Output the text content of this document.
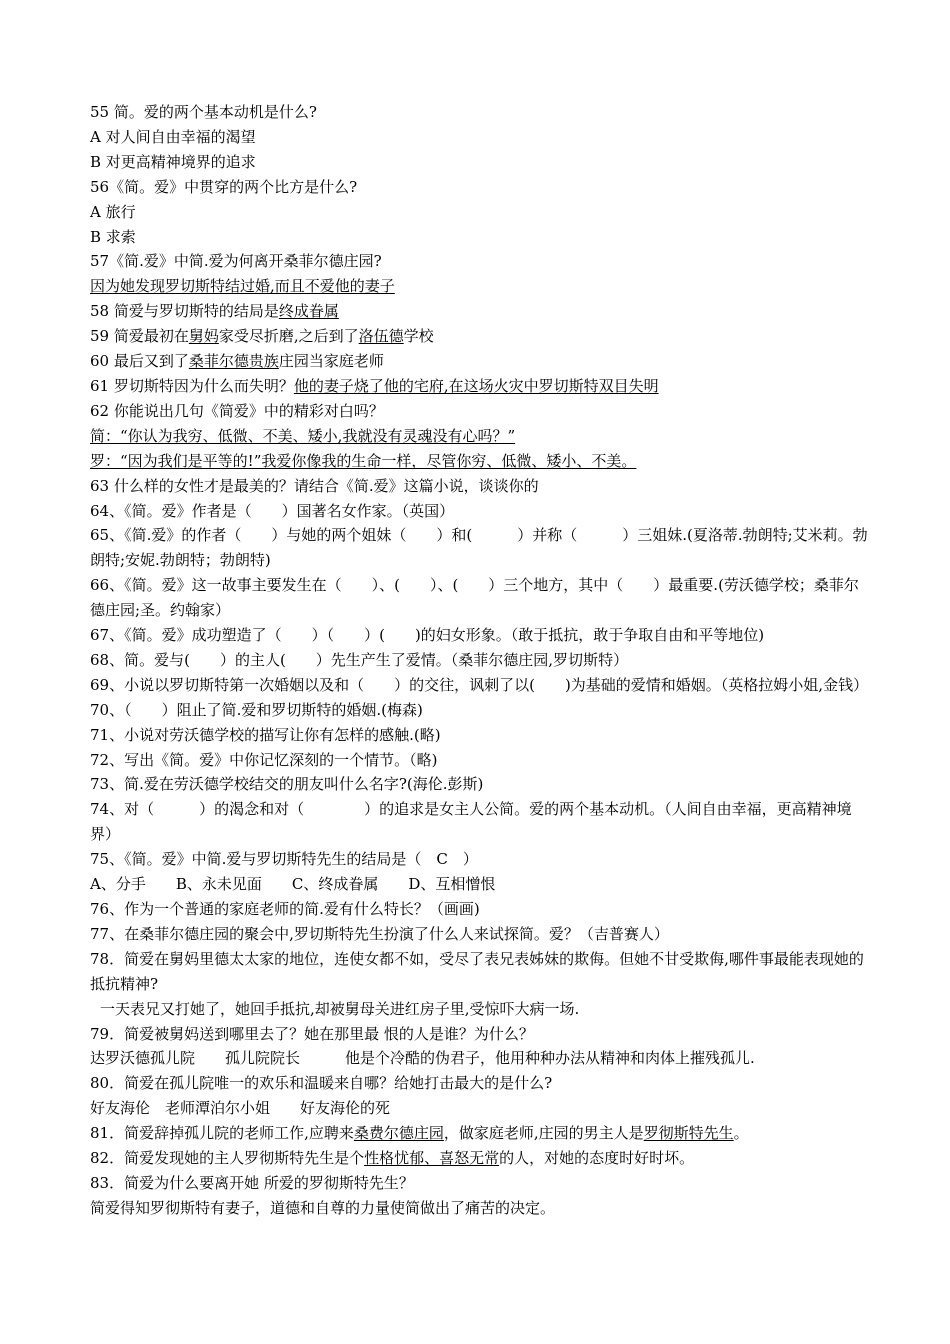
55 简。爱的两个基本动机是什么?

A 对人间自由幸福的渴望

B 对更高精神境界的追求

56《简。爱》中贯穿的两个比方是什么?

A 旅行

B 求索

57《简.爱》中简.爱为何离开桑菲尔德庄园?

因为她发现罗切斯特结过婚,而且不爱他的妻子

58 简爱与罗切斯特的结局是终成眷属

59 简爱最初在舅妈家受尽折磨,之后到了洛伍德学校

60 最后又到了桑菲尔德贵族庄园当家庭老师

61 罗切斯特因为什么而失明？他的妻子烧了他的宅府,在这场火灾中罗切斯特双目失明

62 你能说出几句《简爱》中的精彩对白吗？

简：“你认为我穷、低微、不美、矮小,我就没有灵魂没有心吗？”

罗：“因为我们是平等的!”我爱你像我的生命一样，尽管你穷、低微、矮小、不美。

63 什么样的女性才是最美的？请结合《简.爱》这篇小说，谈谈你的

64、《简。爱》作者是（　　）国著名女作家。（英国）

65、《简.爱》的作者（　　）与她的两个姐妹（　　）和(　　　）并称（　　　）三姐妹.(夏洛蒂.勃朗特;艾米莉。勃朗特;安妮.勃朗特；勃朗特)

66、《简。爱》这一故事主要发生在（　　）、(　　）、(　　）三个地方，其中（　　）最重要.(劳沃德学校；桑菲尔德庄园;圣。约翰家）

67、《简。爱》成功塑造了（　　）（　　）(　　)的妇女形象。（敢于抵抗，敢于争取自由和平等地位)

68、简。爱与(　　）的主人(　　）先生产生了爱情。（桑菲尔德庄园,罗切斯特）

69、小说以罗切斯特第一次婚姻以及和（　　）的交往，讽刺了以(　　)为基础的爱情和婚姻。（英格拉姆小姐,金钱）

70、（　　）阻止了简.爱和罗切斯特的婚姻.(梅森)

71、小说对劳沃德学校的描写让你有怎样的感触.(略)

72、写出《简。爱》中你记忆深刻的一个情节。（略)

73、简.爱在劳沃德学校结交的朋友叫什么名字?(海伦.彭斯)

74、对（　　　）的渴念和对（　　　　）的追求是女主人公简。爱的两个基本动机。（人间自由幸福，更高精神境界）

75、《简。爱》中简.爱与罗切斯特先生的结局是（　C　）

A、分手　　B、永未见面　　C、终成眷属　　D、互相憎恨

76、作为一个普通的家庭老师的简.爱有什么特长？（画画)

77、在桑菲尔德庄园的聚会中,罗切斯特先生扮演了什么人来试探简。爱？（吉普赛人）

78．简爱在舅妈里德太太家的地位，连使女都不如，受尽了表兄表姊妹的欺侮。但她不甘受欺侮,哪件事最能表现她的抵抗精神?

一天表兄又打她了，她回手抵抗,却被舅母关进红房子里,受惊吓大病一场.

79．简爱被舅妈送到哪里去了？她在那里最 恨的人是谁？为什么？

达罗沃德孤儿院　　孤儿院院长　　　他是个冷酷的伪君子，他用种种办法从精神和肉体上摧残孤儿.

80．简爱在孤儿院唯一的欢乐和温暖来自哪？给她打击最大的是什么?

好友海伦　老师潭泊尔小姐　　好友海伦的死

81．简爱辞掉孤儿院的老师工作,应聘来桑费尔德庄园，做家庭老师,庄园的男主人是罗彻斯特先生。

82．简爱发现她的主人罗彻斯特先生是个性格忧郁、喜怒无常的人，对她的态度时好时坏。

83．简爱为什么要离开她 所爱的罗彻斯特先生？

简爱得知罗彻斯特有妻子，道德和自尊的力量使简做出了痛苦的决定。
